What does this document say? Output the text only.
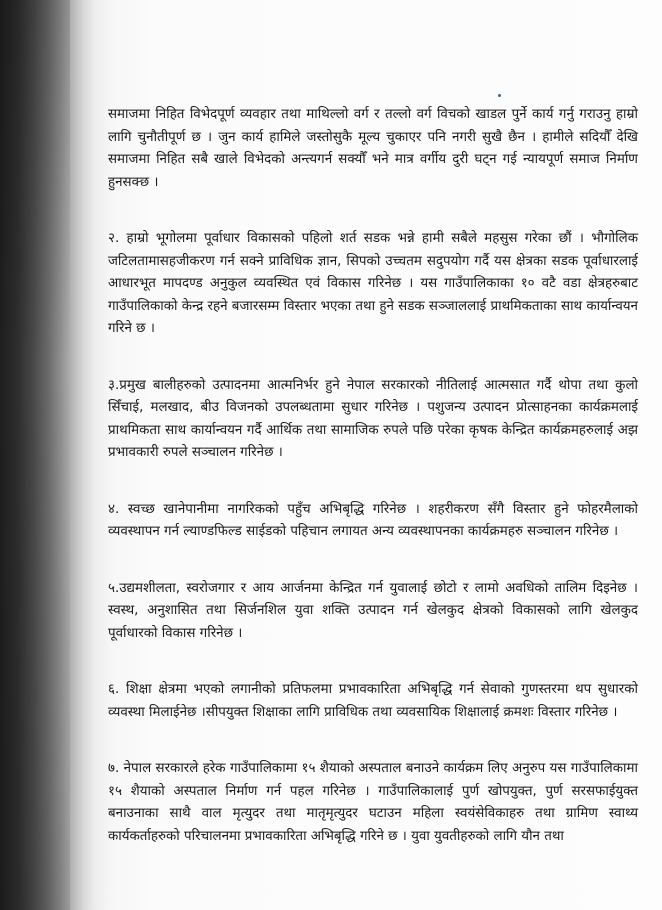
समाजमा निहित विभेदपूर्ण व्यवहार तथा माथिल्लो वर्ग र तल्लो वर्ग विचको खाडल पुर्ने कार्य गर्नु गराउनु हाम्रो लागि चुनौतीपूर्ण छ । जुन कार्य हामिले जस्तोसुकै मूल्य चुकाएर पनि नगरी सुखै छैन । हामीले सदियौँ देखि समाजमा निहित सबै खाले विभेदको अन्त्यगर्न सक्यौँ भने मात्र वर्गीय दुरी घट्न गई न्यायपूर्ण समाज निर्माण हुनसक्छ ।

२. हाम्रो भूगोलमा पूर्वाधार विकासको पहिलो शर्त सडक भन्ने हामी सबैले महसुस गरेका छौं । भौगोलिक जटिलतामासहजीकरण गर्न सक्ने प्राविधिक ज्ञान, सिपको उच्चतम सदुपयोग गर्दै यस क्षेत्रका सडक पूर्वाधारलाई आधारभूत मापदण्ड अनुकुल व्यवस्थित एवं विकास गरिनेछ । यस गाउँपालिकाका १० वटै वडा क्षेत्रहरुबाट गाउँपालिकाको केन्द्र रहने बजारसम्म विस्तार भएका तथा हुने सडक सञ्जाललाई प्राथमिकताका साथ कार्यान्वयन गरिने छ ।

३.प्रमुख बालीहरुको उत्पादनमा आत्मनिर्भर हुने नेपाल सरकारको नीतिलाई आत्मसात गर्दै थोपा तथा कुलो सिँचाई, मलखाद, बीउ विजनको उपलब्धतामा सुधार गरिनेछ । पशुजन्य उत्पादन प्रोत्साहनका कार्यक्रमलाई प्राथमिकता साथ कार्यान्वयन गर्दै आर्थिक तथा सामाजिक रुपले पछि परेका कृषक केन्द्रित कार्यक्रमहरुलाई अझ प्रभावकारी रुपले सञ्चालन गरिनेछ ।

४. स्वच्छ खानेपानीमा नागरिकको पहुँच अभिबृद्धि गरिनेछ । शहरीकरण सँगै विस्तार हुने फोहरमैलाको व्यवस्थापन गर्न ल्याण्डफिल्ड साईडको पहिचान लगायत अन्य व्यवस्थापनका कार्यक्रमहरु सञ्चालन गरिनेछ ।

५.उद्यमशीलता, स्वरोजगार र आय आर्जनमा केन्द्रित गर्न युवालाई छोटो र लामो अवधिको तालिम दिइनेछ । स्वस्थ, अनुशासित तथा सिर्जनशिल युवा शक्ति उत्पादन गर्न खेलकुद क्षेत्रको विकासको लागि खेलकुद पूर्वाधारको विकास गरिनेछ ।

६. शिक्षा क्षेत्रमा भएको लगानीको प्रतिफलमा प्रभावकारिता अभिबृद्धि गर्न सेवाको गुणस्तरमा थप सुधारको व्यवस्था मिलाईनेछ ।सीपयुक्त शिक्षाका लागि प्राविधिक तथा व्यवसायिक शिक्षालाई क्रमशः विस्तार गरिनेछ ।

७. नेपाल सरकारले हरेक गाउँपालिकामा १५ शैयाको अस्पताल बनाउने कार्यक्रम लिए अनुरुप यस गाउँपालिकामा १५ शैयाको अस्पताल निर्माण गर्न पहल गरिनेछ । गाउँपालिकालाई पुर्ण खोपयुक्त, पुर्ण सरसफाईयुक्त बनाउनाका साथै वाल मृत्युदर तथा मातृमृत्युदर घटाउन महिला स्वयंसेविकाहरु तथा ग्रामिण स्वाथ्य कार्यकर्ताहरुको परिचालनमा प्रभावकारिता अभिबृद्धि गरिने छ । युवा युवतीहरुको लागि यौन तथा
